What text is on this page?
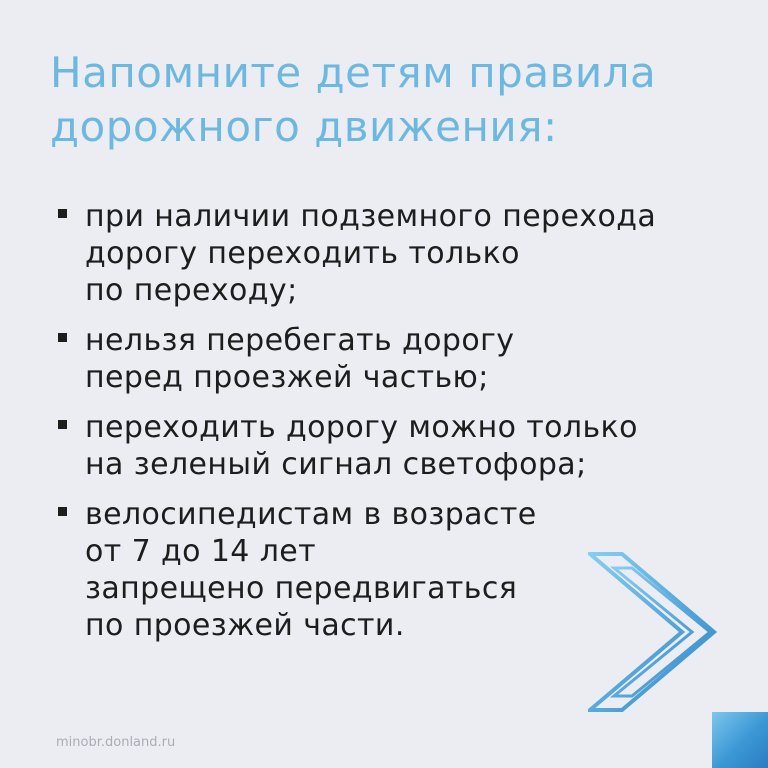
Напомните детям правила
дорожного движения:
при наличии подземного перехода
дорогу переходить только
по переходу;
нельзя перебегать дорогу
перед проезжей частью;
переходить дорогу можно только
на зеленый сигнал светофора;
велосипедистам в возрасте
от 7 до 14 лет
запрещено передвигаться
по проезжей части.
minobr.donland.ru
